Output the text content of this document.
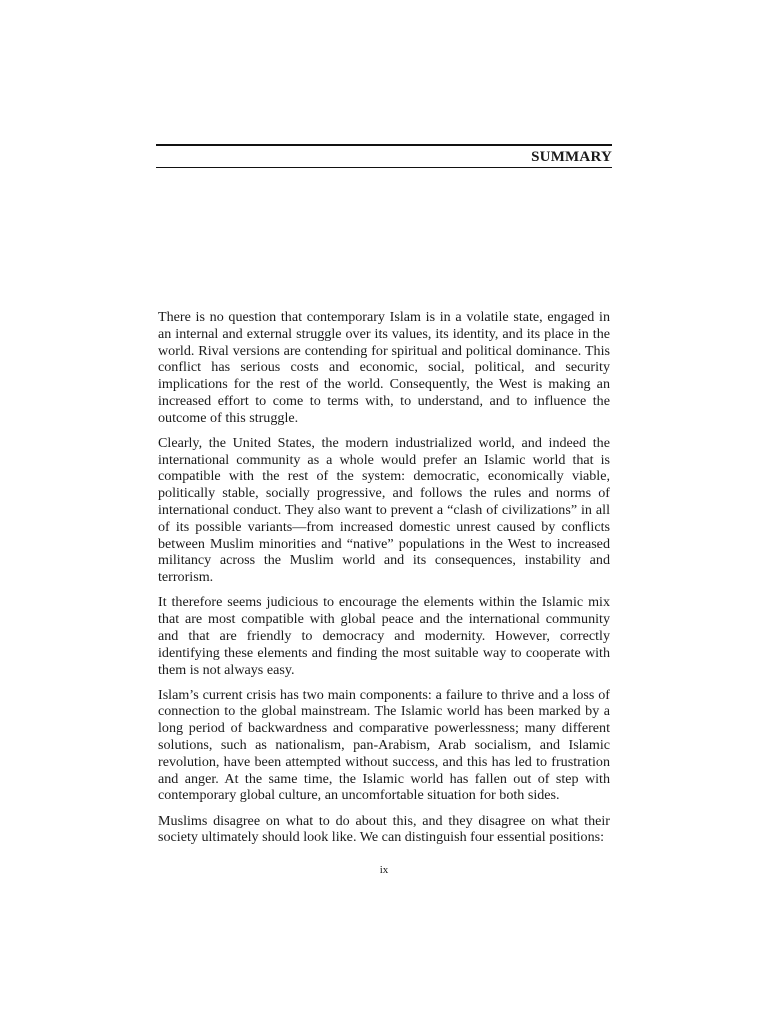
SUMMARY

There is no question that contemporary Islam is in a volatile state, engaged in an internal and external struggle over its values, its identity, and its place in the world. Rival versions are contending for spiritual and political dominance. This conflict has serious costs and economic, social, political, and security implications for the rest of the world. Consequently, the West is making an increased effort to come to terms with, to understand, and to influence the outcome of this struggle.

Clearly, the United States, the modern industrialized world, and indeed the international community as a whole would prefer an Islamic world that is compatible with the rest of the system: democratic, economically viable, politically stable, socially progressive, and follows the rules and norms of international conduct. They also want to prevent a “clash of civilizations” in all of its possible variants—from increased domestic unrest caused by conflicts between Muslim minorities and “native” populations in the West to increased militancy across the Muslim world and its consequences, instability and terrorism.

It therefore seems judicious to encourage the elements within the Islamic mix that are most compatible with global peace and the international community and that are friendly to democracy and modernity. However, correctly identifying these elements and finding the most suitable way to cooperate with them is not always easy.

Islam’s current crisis has two main components: a failure to thrive and a loss of connection to the global mainstream. The Islamic world has been marked by a long period of backwardness and comparative powerlessness; many different solutions, such as nationalism, pan-Arabism, Arab socialism, and Islamic revolution, have been attempted without success, and this has led to frustration and anger. At the same time, the Islamic world has fallen out of step with contemporary global culture, an uncomfortable situation for both sides.

Muslims disagree on what to do about this, and they disagree on what their society ultimately should look like. We can distinguish four essential positions:

ix
